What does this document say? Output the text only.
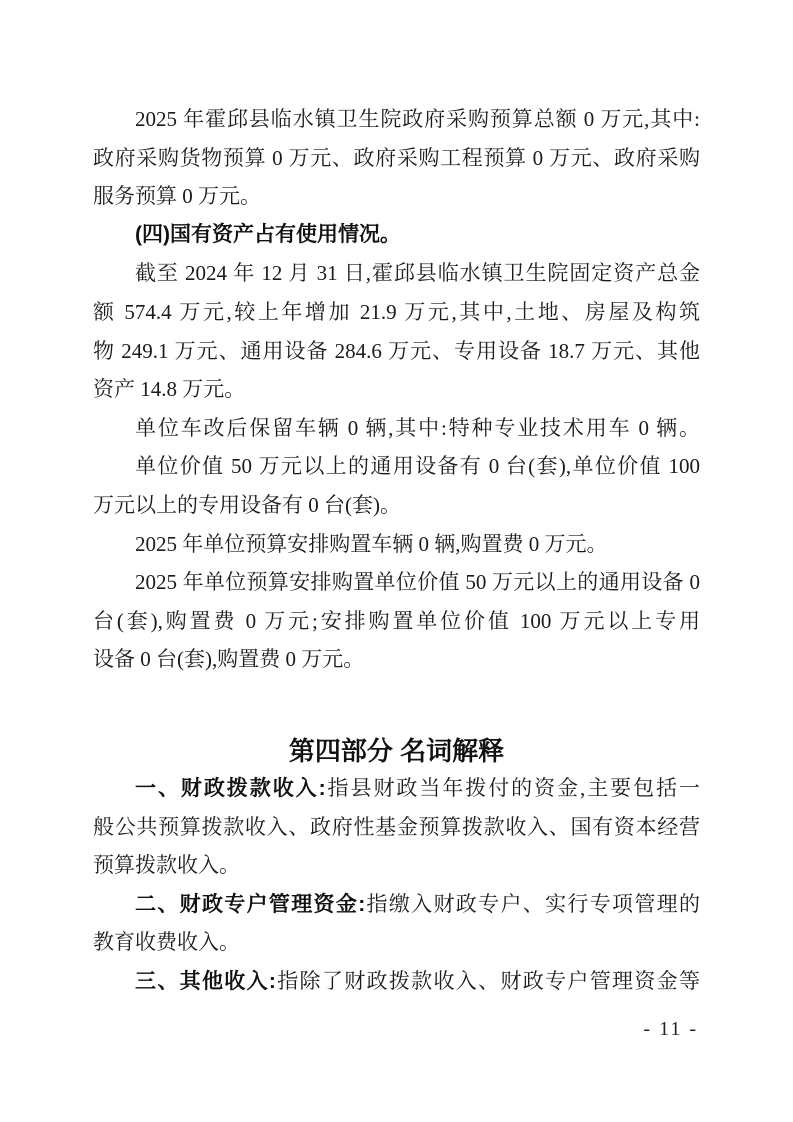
2025 年霍邱县临水镇卫生院政府采购预算总额 0 万元,其中:
政府采购货物预算 0 万元、政府采购工程预算 0 万元、政府采购
服务预算 0 万元。
(四)国有资产占有使用情况。
截至 2024 年 12 月 31 日,霍邱县临水镇卫生院固定资产总金
额 574.4 万元,较上年增加 21.9 万元,其中,土地、房屋及构筑
物 249.1 万元、通用设备 284.6 万元、专用设备 18.7 万元、其他
资产 14.8 万元。
单位车改后保留车辆 0 辆,其中:特种专业技术用车 0 辆。
单位价值 50 万元以上的通用设备有 0 台(套),单位价值 100
万元以上的专用设备有 0 台(套)。
2025 年单位预算安排购置车辆 0 辆,购置费 0 万元。
2025 年单位预算安排购置单位价值 50 万元以上的通用设备 0
台(套),购置费 0 万元;安排购置单位价值 100 万元以上专用
设备 0 台(套),购置费 0 万元。
第四部分 名词解释
一、财政拨款收入:指县财政当年拨付的资金,主要包括一
般公共预算拨款收入、政府性基金预算拨款收入、国有资本经营
预算拨款收入。
二、财政专户管理资金:指缴入财政专户、实行专项管理的
教育收费收入。
三、其他收入:指除了财政拨款收入、财政专户管理资金等
- 11 -
